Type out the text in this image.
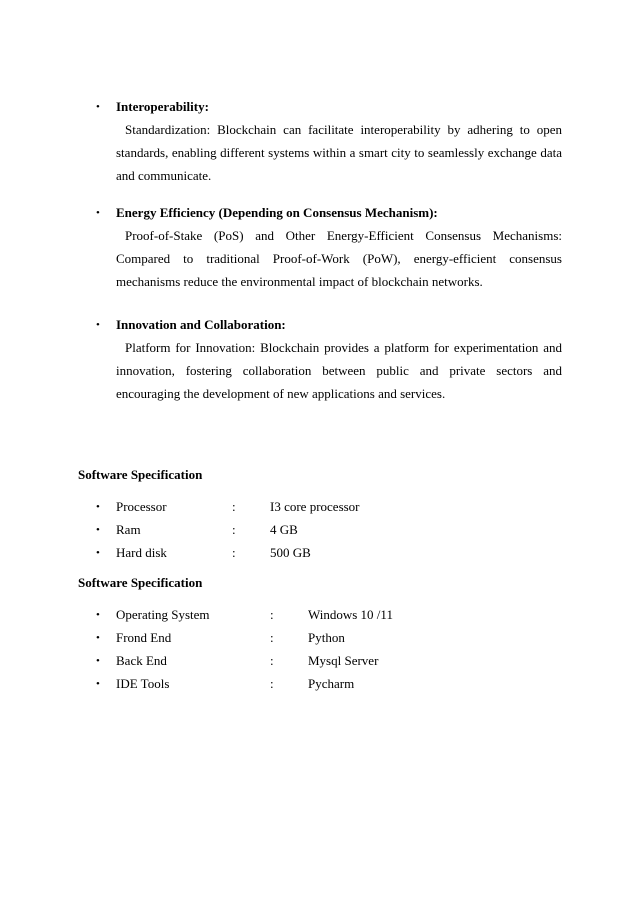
• Interoperability:
Standardization: Blockchain can facilitate interoperability by adhering to open standards, enabling different systems within a smart city to seamlessly exchange data and communicate.
• Energy Efficiency (Depending on Consensus Mechanism):
Proof-of-Stake (PoS) and Other Energy-Efficient Consensus Mechanisms: Compared to traditional Proof-of-Work (PoW), energy-efficient consensus mechanisms reduce the environmental impact of blockchain networks.
• Innovation and Collaboration:
Platform for Innovation: Blockchain provides a platform for experimentation and innovation, fostering collaboration between public and private sectors and encouraging the development of new applications and services.
Software Specification
• Processor	:	I3 core processor
• Ram	:	4 GB
• Hard disk	:	500 GB
Software Specification
• Operating System	:	Windows 10 /11
• Frond End	:	Python
• Back End	:	Mysql Server
• IDE Tools	:	Pycharm
